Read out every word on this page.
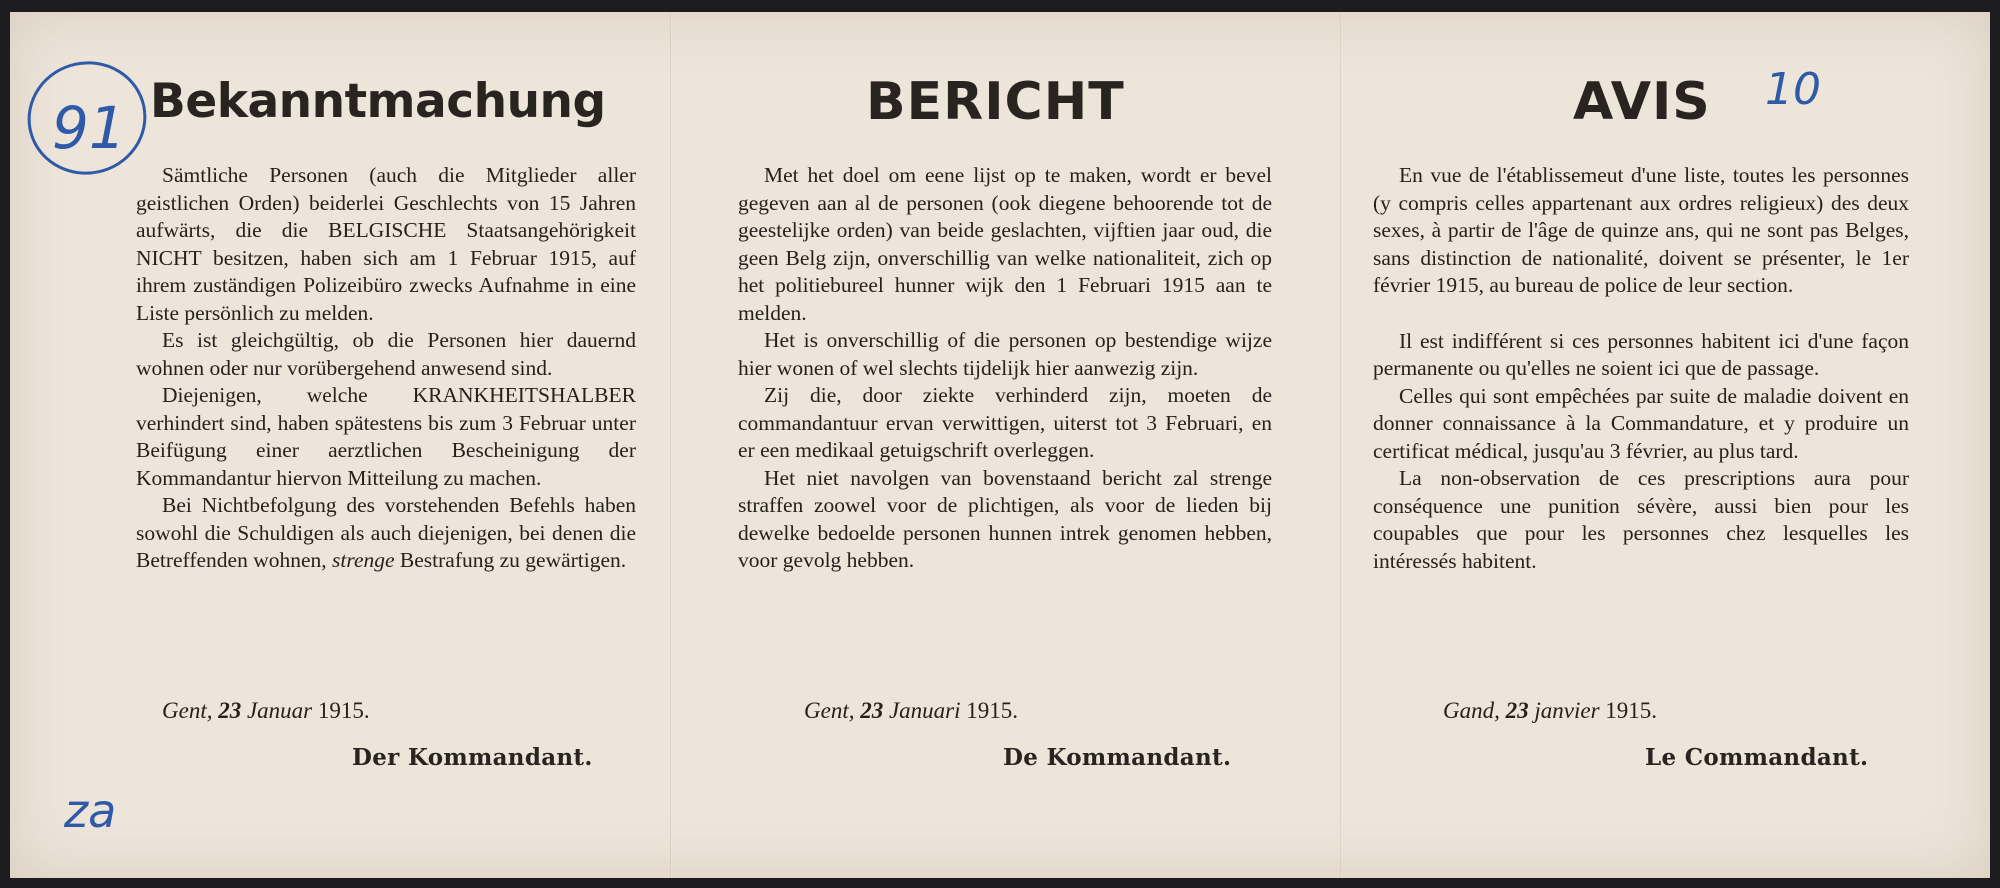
91
10
za
Bekanntmachung

Sämtliche Personen (auch die Mitglieder aller geistlichen Orden) beiderlei Geschlechts von 15 Jahren aufwärts, die die BELGISCHE Staatsangehörigkeit NICHT besitzen, haben sich am 1 Februar 1915, auf ihrem zuständigen Polizeibüro zwecks Aufnahme in eine Liste persönlich zu melden.

Es ist gleichgültig, ob die Personen hier dauernd wohnen oder nur vorübergehend anwesend sind.

Diejenigen, welche KRANKHEITSHALBER verhindert sind, haben spätestens bis zum 3 Februar unter Beifügung einer aerztlichen Bescheinigung der Kommandantur hiervon Mitteilung zu machen.

Bei Nichtbefolgung des vorstehenden Befehls haben sowohl die Schuldigen als auch diejenigen, bei denen die Betreffenden wohnen, strenge Bestrafung zu gewärtigen.

Gent, 23 Januar 1915.
Der Kommandant.
BERICHT

Met het doel om eene lijst op te maken, wordt er bevel gegeven aan al de personen (ook diegene behoorende tot de geestelijke orden) van beide geslachten, vijftien jaar oud, die geen Belg zijn, onverschillig van welke nationaliteit, zich op het politiebureel hunner wijk den 1 Februari 1915 aan te melden.

Het is onverschillig of die personen op bestendige wijze hier wonen of wel slechts tijdelijk hier aanwezig zijn.

Zij die, door ziekte verhinderd zijn, moeten de commandantuur ervan verwittigen, uiterst tot 3 Februari, en er een medikaal getuigschrift overleggen.

Het niet navolgen van bovenstaand bericht zal strenge straffen zoowel voor de plichtigen, als voor de lieden bij dewelke bedoelde personen hunnen intrek genomen hebben, voor gevolg hebben.

Gent, 23 Januari 1915.
De Kommandant.
AVIS

En vue de l'établissemeut d'une liste, toutes les personnes (y compris celles appartenant aux ordres religieux) des deux sexes, à partir de l'âge de quinze ans, qui ne sont pas Belges, sans distinction de nationalité, doivent se présenter, le 1er février 1915, au bureau de police de leur section.

Il est indifférent si ces personnes habitent ici d'une façon permanente ou qu'elles ne soient ici que de passage.

Celles qui sont empêchées par suite de maladie doivent en donner connaissance à la Commandature, et y produire un certificat médical, jusqu'au 3 février, au plus tard.

La non-observation de ces prescriptions aura pour conséquence une punition sévère, aussi bien pour les coupables que pour les personnes chez lesquelles les intéressés habitent.

Gand, 23 janvier 1915.
Le Commandant.
